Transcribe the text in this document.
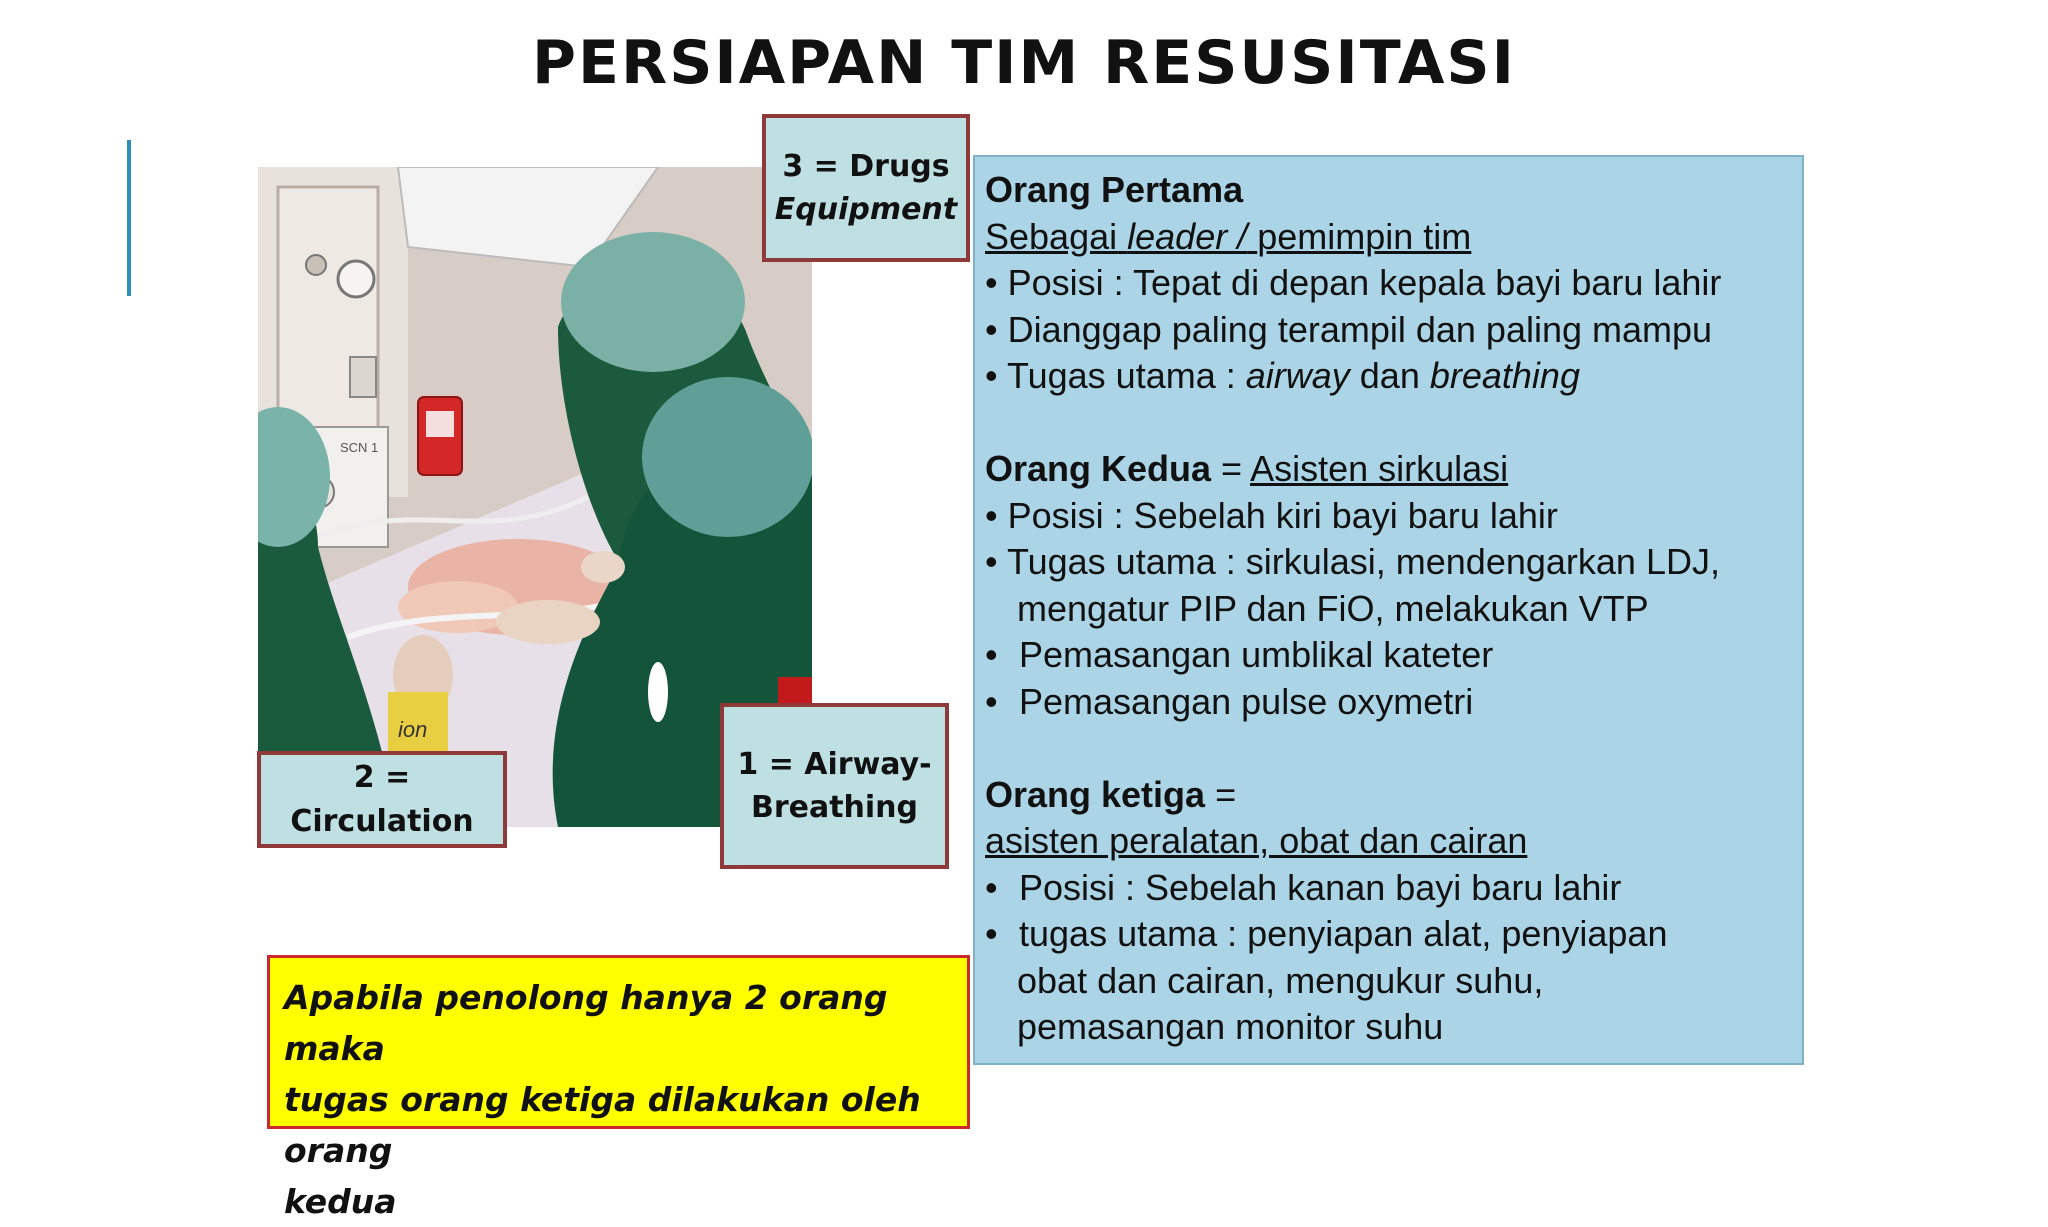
PERSIAPAN TIM RESUSITASI
SCN 1
ion
3 = Drugs
Equipment
2 = Circulation
1 = Airway-
Breathing
Orang Pertama
Sebagai leader / pemimpin tim
• Posisi : Tepat di depan kepala bayi baru lahir
• Dianggap paling terampil dan paling mampu
• Tugas utama : airway dan breathing
Orang Kedua = Asisten sirkulasi
• Posisi : Sebelah kiri bayi baru lahir
• Tugas utama : sirkulasi, mendengarkan LDJ,
mengatur PIP dan FiO, melakukan VTP
• Pemasangan umblikal kateter
• Pemasangan pulse oxymetri
Orang ketiga =
asisten peralatan, obat dan cairan
• Posisi : Sebelah kanan bayi baru lahir
• tugas utama : penyiapan alat, penyiapan
obat dan cairan, mengukur suhu,
pemasangan monitor suhu
Apabila penolong hanya 2 orang maka
tugas orang ketiga dilakukan oleh orang
kedua
